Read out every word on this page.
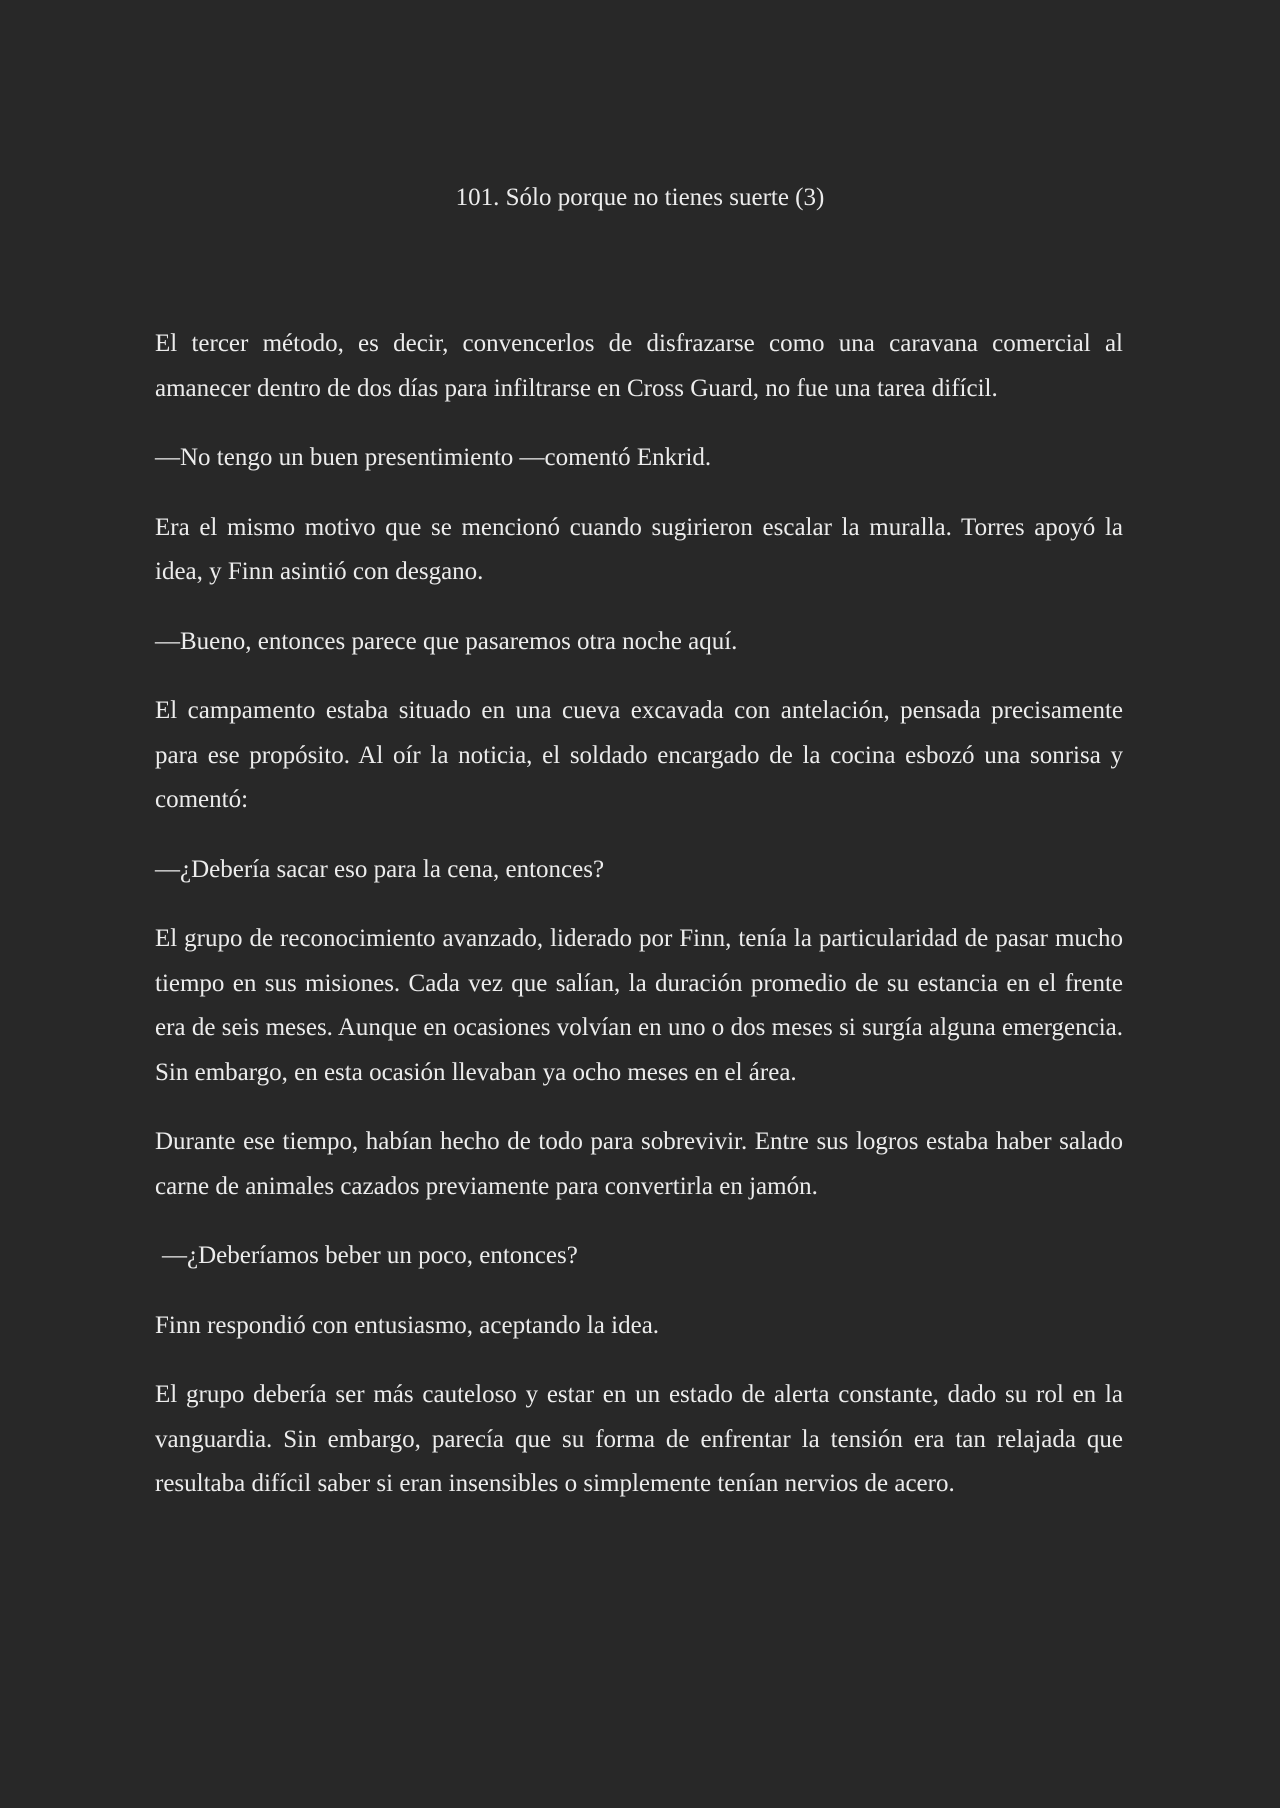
101. Sólo porque no tienes suerte (3)

El tercer método, es decir, convencerlos de disfrazarse como una caravana comercial al amanecer dentro de dos días para infiltrarse en Cross Guard, no fue una tarea difícil.

—No tengo un buen presentimiento —comentó Enkrid.

Era el mismo motivo que se mencionó cuando sugirieron escalar la muralla. Torres apoyó la idea, y Finn asintió con desgano.

—Bueno, entonces parece que pasaremos otra noche aquí.

El campamento estaba situado en una cueva excavada con antelación, pensada precisamente para ese propósito. Al oír la noticia, el soldado encargado de la cocina esbozó una sonrisa y comentó:

—¿Debería sacar eso para la cena, entonces?

El grupo de reconocimiento avanzado, liderado por Finn, tenía la particularidad de pasar mucho tiempo en sus misiones. Cada vez que salían, la duración promedio de su estancia en el frente era de seis meses. Aunque en ocasiones volvían en uno o dos meses si surgía alguna emergencia. Sin embargo, en esta ocasión llevaban ya ocho meses en el área.

Durante ese tiempo, habían hecho de todo para sobrevivir. Entre sus logros estaba haber salado carne de animales cazados previamente para convertirla en jamón.

—¿Deberíamos beber un poco, entonces?

Finn respondió con entusiasmo, aceptando la idea.

El grupo debería ser más cauteloso y estar en un estado de alerta constante, dado su rol en la vanguardia. Sin embargo, parecía que su forma de enfrentar la tensión era tan relajada que resultaba difícil saber si eran insensibles o simplemente tenían nervios de acero.
